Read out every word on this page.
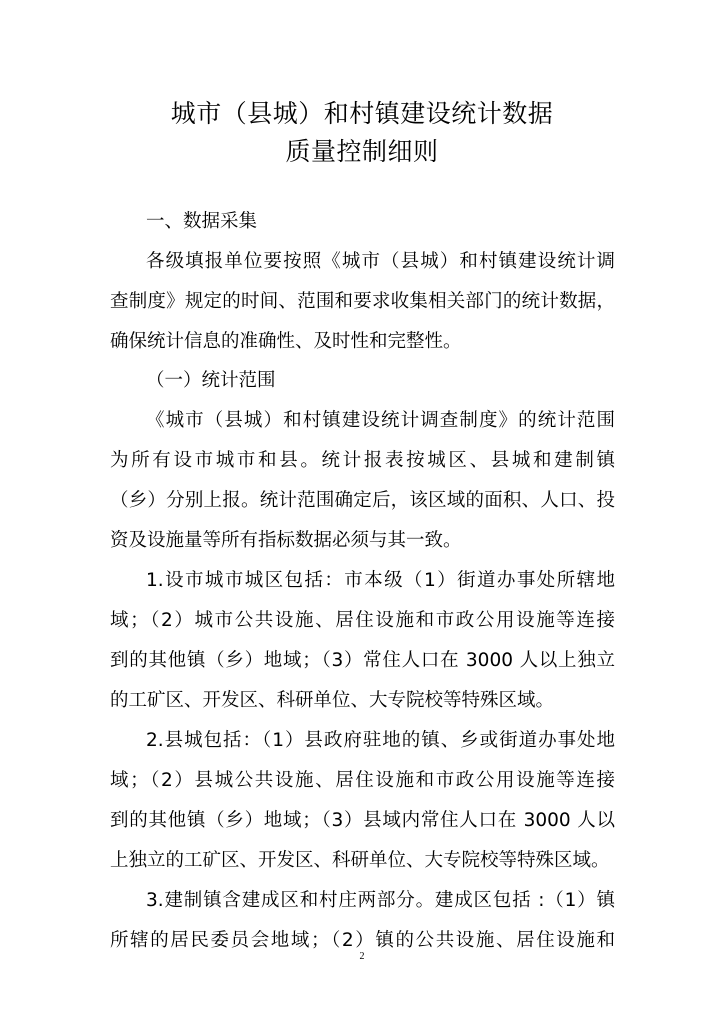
城市（县城）和村镇建设统计数据
质量控制细则
一、数据采集
各级填报单位要按照《城市（县城）和村镇建设统计调
查制度》规定的时间、范围和要求收集相关部门的统计数据，
确保统计信息的准确性、及时性和完整性。
（一）统计范围
《城市（县城）和村镇建设统计调查制度》的统计范围
为所有设市城市和县。统计报表按城区、县城和建制镇
（乡）分别上报。统计范围确定后，该区域的面积、人口、投
资及设施量等所有指标数据必须与其一致。
1.设市城市城区包括：市本级（1）街道办事处所辖地
域；（2）城市公共设施、居住设施和市政公用设施等连接
到的其他镇（乡）地域；（3）常住人口在 3000 人以上独立
的工矿区、开发区、科研单位、大专院校等特殊区域。
2.县城包括：（1）县政府驻地的镇、乡或街道办事处地
域；（2）县城公共设施、居住设施和市政公用设施等连接
到的其他镇（乡）地域；（3）县域内常住人口在 3000 人以
上独立的工矿区、开发区、科研单位、大专院校等特殊区域。
3.建制镇含建成区和村庄两部分。建成区包括 :（1）镇
所辖的居民委员会地域；（2）镇的公共设施、居住设施和
2
